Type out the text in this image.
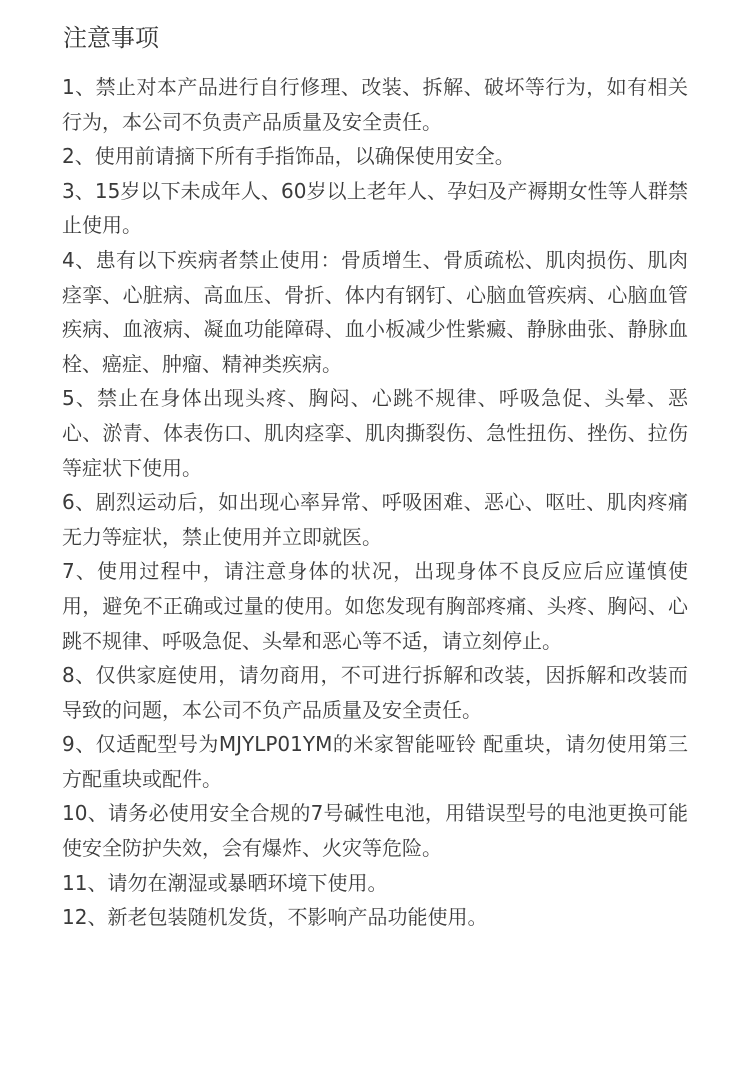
注意事项
1、禁止对本产品进行自行修理、改装、拆解、破坏等行为，如有相关行为，本公司不负责产品质量及安全责任。
2、使用前请摘下所有手指饰品，以确保使用安全。
3、15岁以下未成年人、60岁以上老年人、孕妇及产褥期女性等人群禁止使用。
4、患有以下疾病者禁止使用：骨质增生、骨质疏松、肌肉损伤、肌肉痉挛、心脏病、高血压、骨折、体内有钢钉、心脑血管疾病、心脑血管疾病、血液病、凝血功能障碍、血小板减少性紫癜、静脉曲张、静脉血栓、癌症、肿瘤、精神类疾病。
5、禁止在身体出现头疼、胸闷、心跳不规律、呼吸急促、头晕、恶心、淤青、体表伤口、肌肉痉挛、肌肉撕裂伤、急性扭伤、挫伤、拉伤等症状下使用。
6、剧烈运动后，如出现心率异常、呼吸困难、恶心、呕吐、肌肉疼痛无力等症状，禁止使用并立即就医。
7、使用过程中，请注意身体的状况，出现身体不良反应后应谨慎使用，避免不正确或过量的使用。如您发现有胸部疼痛、头疼、胸闷、心跳不规律、呼吸急促、头晕和恶心等不适，请立刻停止。
8、仅供家庭使用，请勿商用，不可进行拆解和改装，因拆解和改装而导致的问题，本公司不负产品质量及安全责任。
9、仅适配型号为MJYLP01YM的米家智能哑铃 配重块，请勿使用第三方配重块或配件。
10、请务必使用安全合规的7号碱性电池，用错误型号的电池更换可能使安全防护失效，会有爆炸、火灾等危险。
11、请勿在潮湿或暴晒环境下使用。
12、新老包装随机发货，不影响产品功能使用。
